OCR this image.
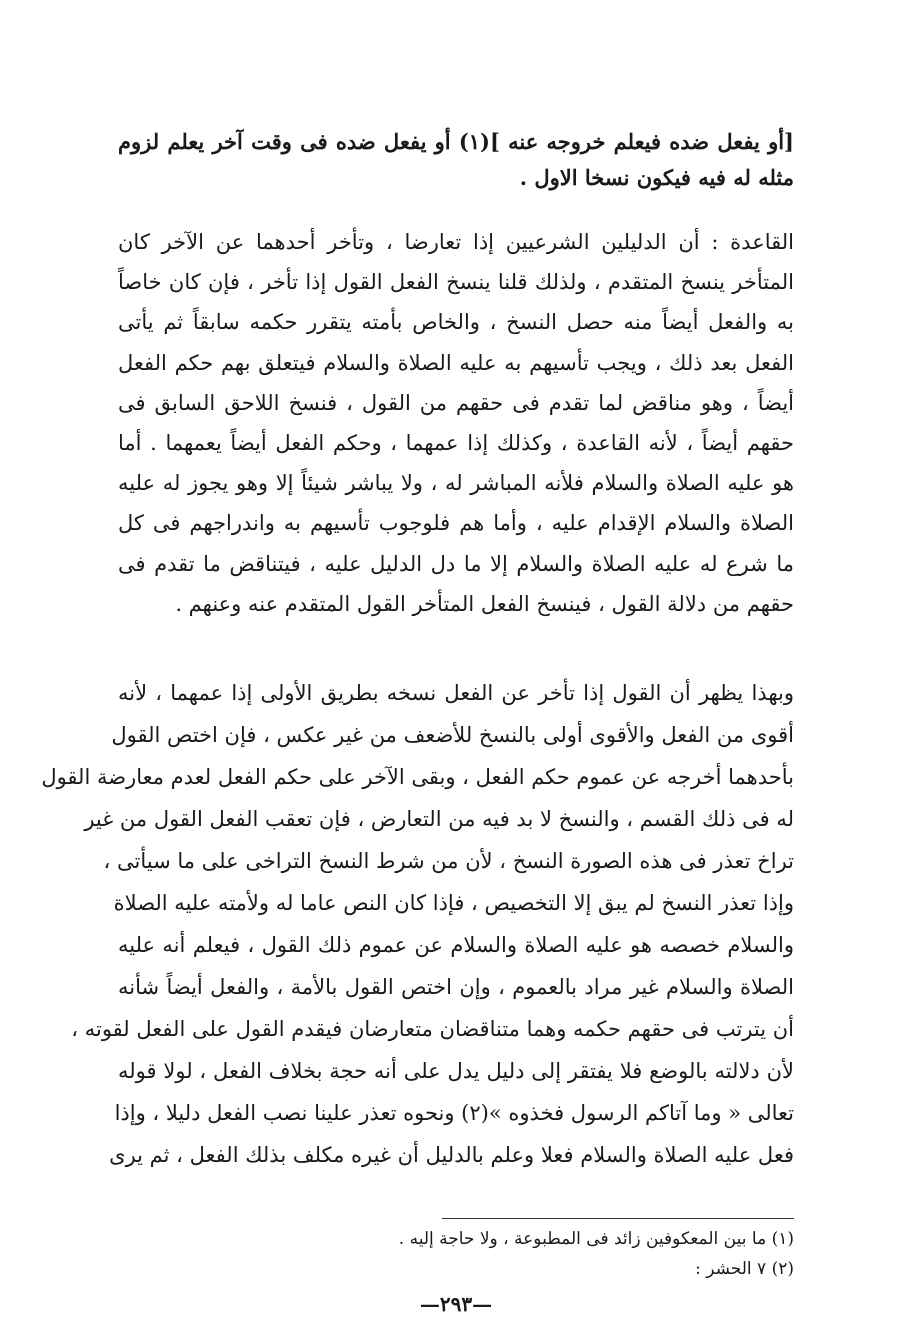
[أو يفعل ضده فيعلم خروجه عنه ](١) أو يفعل ضده فى وقت آخر يعلم لزوم
مثله له فيه فيكون نسخا الاول .
القاعدة : أن الدليلين الشرعيين إذا تعارضا ، وتأخر أحدهما عن الآخر كان
المتأخر ينسخ المتقدم ، ولذلك قلنا ينسخ الفعل القول إذا تأخر ، فإن كان خاصاً
به والفعل أيضاً منه حصل النسخ ، والخاص بأمته يتقرر حكمه سابقاً ثم يأتى
الفعل بعد ذلك ، ويجب تأسيهم به عليه الصلاة والسلام فيتعلق بهم حكم الفعل
أيضاً ، وهو مناقض لما تقدم فى حقهم من القول ، فنسخ اللاحق السابق فى
حقهم أيضاً ، لأنه القاعدة ، وكذلك إذا عمهما ، وحكم الفعل أيضاً يعمهما . أما
هو عليه الصلاة والسلام فلأنه المباشر له ، ولا يباشر شيئاً إلا وهو يجوز له عليه
الصلاة والسلام الإقدام عليه ، وأما هم فلوجوب تأسيهم به واندراجهم فى كل
ما شرع له عليه الصلاة والسلام إلا ما دل الدليل عليه ، فيتناقض ما تقدم فى
حقهم من دلالة القول ، فينسخ الفعل المتأخر القول المتقدم عنه وعنهم .
وبهذا يظهر أن القول إذا تأخر عن الفعل نسخه بطريق الأولى إذا عمهما ، لأنه
أقوى من الفعل والأقوى أولى بالنسخ للأضعف من غير عكس ، فإن اختص القول
بأحدهما أخرجه عن عموم حكم الفعل ، وبقى الآخر على حكم الفعل لعدم معارضة القول
له فى ذلك القسم ، والنسخ لا بد فيه من التعارض ، فإن تعقب الفعل القول من غير
تراخ تعذر فى هذه الصورة النسخ ، لأن من شرط النسخ التراخى على ما سيأتى ،
وإذا تعذر النسخ لم يبق إلا التخصيص ، فإذا كان النص عاما له ولأمته عليه الصلاة
والسلام خصصه هو عليه الصلاة والسلام عن عموم ذلك القول ، فيعلم أنه عليه
الصلاة والسلام غير مراد بالعموم ، وإن اختص القول بالأمة ، والفعل أيضاً شأنه
أن يترتب فى حقهم حكمه وهما متناقضان متعارضان فيقدم القول على الفعل لقوته ،
لأن دلالته بالوضع فلا يفتقر إلى دليل يدل على أنه حجة بخلاف الفعل ، لولا قوله
تعالى « وما آتاكم الرسول فخذوه »(٢) ونحوه تعذر علينا نصب الفعل دليلا ، وإذا
فعل عليه الصلاة والسلام فعلا وعلم بالدليل أن غيره مكلف بذلك الفعل ، ثم يرى
(١) ما بين المعكوفين زائد فى المطبوعة ، ولا حاجة إليه .
(٢) ٧ الحشر :
—٢٩٣—
